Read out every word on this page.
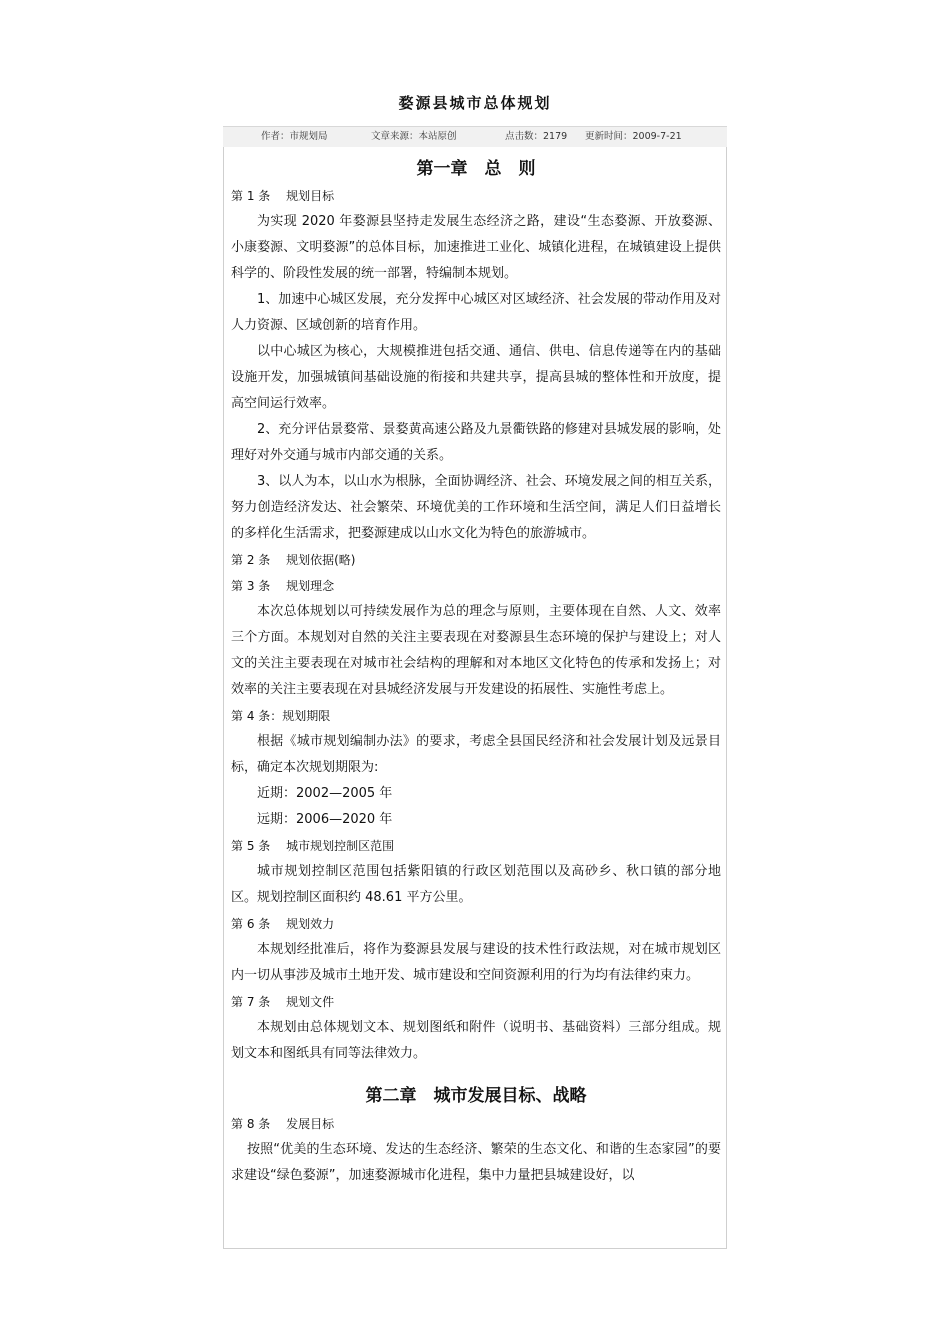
婺源县城市总体规划
作者：市规划局	文章来源：本站原创	点击数：2179 更新时间：2009-7-21
第一章　总　则

第 1 条　 规划目标

为实现 2020 年婺源县坚持走发展生态经济之路，建设“生态婺源、开放婺源、小康婺源、文明婺源”的总体目标，加速推进工业化、城镇化进程，在城镇建设上提供科学的、阶段性发展的统一部署，特编制本规划。

1、加速中心城区发展，充分发挥中心城区对区域经济、社会发展的带动作用及对人力资源、区域创新的培育作用。

以中心城区为核心，大规模推进包括交通、通信、供电、信息传递等在内的基础设施开发，加强城镇间基础设施的衔接和共建共享，提高县城的整体性和开放度，提高空间运行效率。

2、充分评估景婺常、景婺黄高速公路及九景衢铁路的修建对县城发展的影响，处理好对外交通与城市内部交通的关系。

3、以人为本，以山水为根脉，全面协调经济、社会、环境发展之间的相互关系，努力创造经济发达、社会繁荣、环境优美的工作环境和生活空间，满足人们日益增长的多样化生活需求，把婺源建成以山水文化为特色的旅游城市。

第 2 条　 规划依据(略)

第 3 条　 规划理念

本次总体规划以可持续发展作为总的理念与原则，主要体现在自然、人文、效率三个方面。本规划对自然的关注主要表现在对婺源县生态环境的保护与建设上；对人文的关注主要表现在对城市社会结构的理解和对本地区文化特色的传承和发扬上；对效率的关注主要表现在对县城经济发展与开发建设的拓展性、实施性考虑上。

第 4 条：规划期限

根据《城市规划编制办法》的要求，考虑全县国民经济和社会发展计划及远景目标，确定本次规划期限为:

近期：2002—2005 年

远期：2006—2020 年

第 5 条　 城市规划控制区范围

城市规划控制区范围包括紫阳镇的行政区划范围以及高砂乡、秋口镇的部分地区。规划控制区面积约 48.61 平方公里。

第 6 条　 规划效力

本规划经批准后，将作为婺源县发展与建设的技术性行政法规，对在城市规划区内一切从事涉及城市土地开发、城市建设和空间资源利用的行为均有法律约束力。

第 7 条　 规划文件

本规划由总体规划文本、规划图纸和附件（说明书、基础资料）三部分组成。规划文本和图纸具有同等法律效力。

第二章　城市发展目标、战略

第 8 条　 发展目标

按照“优美的生态环境、发达的生态经济、繁荣的生态文化、和谐的生态家园”的要求建设“绿色婺源”，加速婺源城市化进程，集中力量把县城建设好，以
